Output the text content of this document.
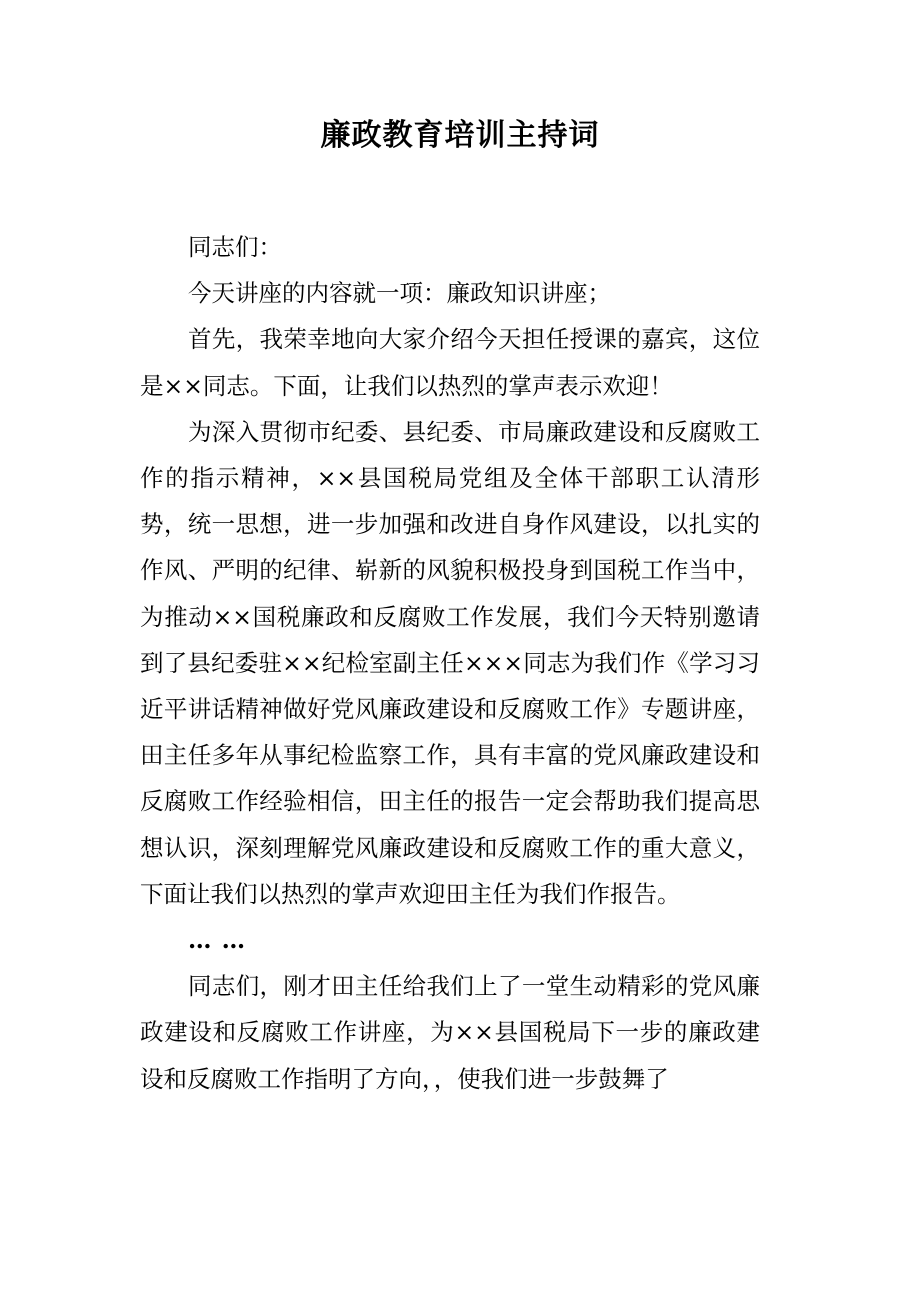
廉政教育培训主持词

同志们：

今天讲座的内容就一项：廉政知识讲座；

首先，我荣幸地向大家介绍今天担任授课的嘉宾，这位是××同志。下面，让我们以热烈的掌声表示欢迎！

为深入贯彻市纪委、县纪委、市局廉政建设和反腐败工作的指示精神，××县国税局党组及全体干部职工认清形势，统一思想，进一步加强和改进自身作风建设，以扎实的作风、严明的纪律、崭新的风貌积极投身到国税工作当中，为推动××国税廉政和反腐败工作发展，我们今天特别邀请到了县纪委驻××纪检室副主任×××同志为我们作《学习习近平讲话精神做好党风廉政建设和反腐败工作》专题讲座，田主任多年从事纪检监察工作，具有丰富的党风廉政建设和反腐败工作经验相信，田主任的报告一定会帮助我们提高思想认识，深刻理解党风廉政建设和反腐败工作的重大意义，下面让我们以热烈的掌声欢迎田主任为我们作报告。

… …

同志们，刚才田主任给我们上了一堂生动精彩的党风廉政建设和反腐败工作讲座，为××县国税局下一步的廉政建设和反腐败工作指明了方向，，使我们进一步鼓舞了
